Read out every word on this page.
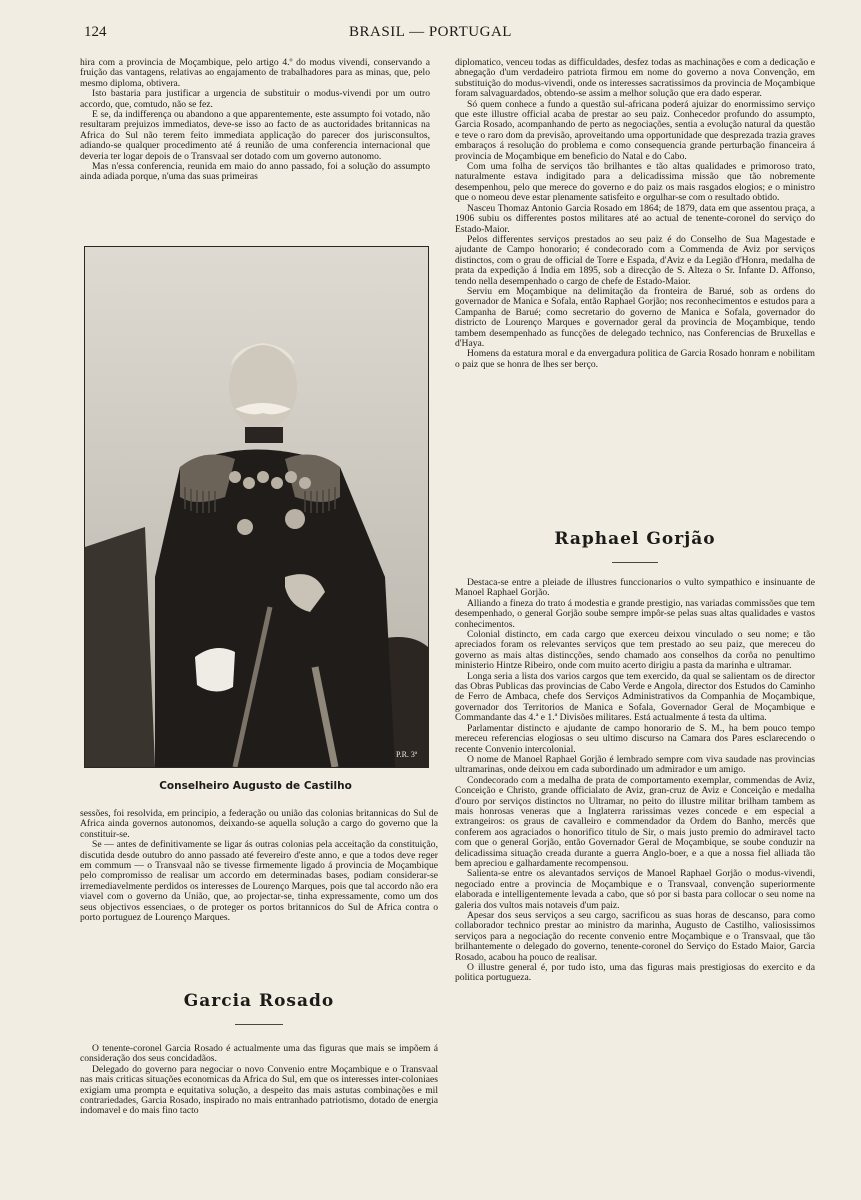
124	BRASIL — PORTUGAL

hira com a provincia de Moçambique, pelo artigo 4.º do modus vivendi, conservando a fruição das vantagens, relativas ao engajamento de trabalhadores para as minas, que, pelo mesmo diploma, obtivera.

Isto bastaria para justificar a urgencia de substituir o modus-vivendi por um outro accordo, que, comtudo, não se fez.

E se, da indifferença ou abandono a que apparentemente, este assumpto foi votado, não resultaram prejuizos immediatos, deve-se isso ao facto de as auctoridades britannicas na Africa do Sul não terem feito immediata applicação do parecer dos jurisconsultos, adiando-se qualquer procedimento até á reunião de uma conferencia internacional que deveria ter logar depois de o Transvaal ser dotado com um governo autonomo.

Mas n'essa conferencia, reunida em maio do anno passado, foi a solução do assumpto ainda adiada porque, n'uma das suas primeiras

P.R. 3ª
Conselheiro Augusto de Castilho

sessões, foi resolvida, em principio, a federação ou união das colonias britannicas do Sul de Africa ainda governos autonomos, deixando-se aquella solução a cargo do governo que la constituir-se.

Se — antes de definitivamente se ligar ás outras colonias pela acceitação da constituição, discutida desde outubro do anno passado até fevereiro d'este anno, e que a todos deve reger em commum — o Transvaal não se tivesse firmemente ligado á provincia de Moçambique pelo compromisso de realisar um accordo em determinadas bases, podiam considerar-se irremediavelmente perdidos os interesses de Lourenço Marques, pois que tal accordo não era viavel com o governo da União, que, ao projectar-se, tinha expressamente, como um dos seus objectivos essenciaes, o de proteger os portos britannicos do Sul de Africa contra o porto portuguez de Lourenço Marques.

Garcia Rosado

O tenente-coronel Garcia Rosado é actualmente uma das figuras que mais se impõem á consideração dos seus concidadãos.

Delegado do governo para negociar o novo Convenio entre Moçambique e o Transvaal nas mais criticas situações economicas da Africa do Sul, em que os interesses inter-coloniaes exigiam uma prompta e equitativa solução, a despeito das mais astutas combinações e mil contrariedades, Garcia Rosado, inspirado no mais entranhado patriotismo, dotado de energia indomavel e do mais fino tacto

diplomatico, venceu todas as difficuldades, desfez todas as machinações e com a dedicação e abnegação d'um verdadeiro patriota firmou em nome do governo a nova Convenção, em substituição do modus-vivendi, onde os interesses sacratissimos da provincia de Moçambique foram salvaguardados, obtendo-se assim a melhor solução que era dado esperar.

Só quem conhece a fundo a questão sul-africana poderá ajuizar do enormissimo serviço que este illustre official acaba de prestar ao seu paiz. Conhecedor profundo do assumpto, Garcia Rosado, acompanhando de perto as negociações, sentia a evolução natural da questão e teve o raro dom da previsão, aproveitando uma opportunidade que desprezada trazia graves embaraços á resolução do problema e como consequencia grande perturbação financeira á provincia de Moçambique em beneficio do Natal e do Cabo.

Com uma folha de serviços tão brilhantes e tão altas qualidades e primoroso trato, naturalmente estava indigitado para a delicadissima missão que tão nobremente desempenhou, pelo que merece do governo e do paiz os mais rasgados elogios; e o ministro que o nomeou deve estar plenamente satisfeito e orgulhar-se com o resultado obtido.

Nasceu Thomaz Antonio Garcia Rosado em 1864; de 1879, data em que assentou praça, a 1906 subiu os differentes postos militares até ao actual de tenente-coronel do serviço do Estado-Maior.

Pelos differentes serviços prestados ao seu paiz é do Conselho de Sua Magestade e ajudante de Campo honorario; é condecorado com a Commenda de Aviz por serviços distinctos, com o grau de official de Torre e Espada, d'Aviz e da Legião d'Honra, medalha de prata da expedição á India em 1895, sob a direcção de S. Alteza o Sr. Infante D. Affonso, tendo nella desempenhado o cargo de chefe de Estado-Maior.

Serviu em Moçambique na delimitação da fronteira de Barué, sob as ordens do governador de Manica e Sofala, então Raphael Gorjão; nos reconhecimentos e estudos para a Campanha de Barué; como secretario do governo de Manica e Sofala, governador do districto de Lourenço Marques e governador geral da provincia de Moçambique, tendo tambem desempenhado as funcções de delegado technico, nas Conferencias de Bruxellas e d'Haya.

Homens da estatura moral e da envergadura politica de Garcia Rosado honram e nobilitam o paiz que se honra de lhes ser berço.

Raphael Gorjão

Destaca-se entre a pleiade de illustres funccionarios o vulto sympathico e insinuante de Manoel Raphael Gorjão.

Alliando a fineza do trato á modestia e grande prestigio, nas variadas commissões que tem desempenhado, o general Gorjão soube sempre impôr-se pelas suas altas qualidades e vastos conhecimentos.

Colonial distincto, em cada cargo que exerceu deixou vinculado o seu nome; e tão apreciados foram os relevantes serviços que tem prestado ao seu paiz, que mereceu do governo as mais altas distincções, sendo chamado aos conselhos da corôa no penultimo ministerio Hintze Ribeiro, onde com muito acerto dirigiu a pasta da marinha e ultramar.

Longa seria a lista dos varios cargos que tem exercido, da qual se salientam os de director das Obras Publicas das provincias de Cabo Verde e Angola, director dos Estudos do Caminho de Ferro de Ambaca, chefe dos Serviços Administrativos da Companhia de Moçambique, governador dos Territorios de Manica e Sofala, Governador Geral de Moçambique e Commandante das 4.ª e 1.ª Divisões militares. Está actualmente á testa da ultima.

Parlamentar distincto e ajudante de campo honorario de S. M., ha bem pouco tempo mereceu referencias elogiosas o seu ultimo discurso na Camara dos Pares esclarecendo o recente Convenio intercolonial.

O nome de Manoel Raphael Gorjão é lembrado sempre com viva saudade nas provincias ultramarinas, onde deixou em cada subordinado um admirador e um amigo.

Condecorado com a medalha de prata de comportamento exemplar, commendas de Aviz, Conceição e Christo, grande officialato de Aviz, gran-cruz de Aviz e Conceição e medalha d'ouro por serviços distinctos no Ultramar, no peito do illustre militar brilham tambem as mais honrosas veneras que a Inglaterra rarissimas vezes concede e em especial a extrangeiros: os graus de cavalleiro e commendador da Ordem do Banho, mercês que conferem aos agraciados o honorifico titulo de Sir, o mais justo premio do admiravel tacto com que o general Gorjão, então Governador Geral de Moçambique, se soube conduzir na delicadissima situação creada durante a guerra Anglo-boer, e a que a nossa fiel alliada tão bem apreciou e galhardamente recompensou.

Salienta-se entre os alevantados serviços de Manoel Raphael Gorjão o modus-vivendi, negociado entre a provincia de Moçambique e o Transvaal, convenção superiormente elaborada e intelligentemente levada a cabo, que só por si basta para collocar o seu nome na galeria dos vultos mais notaveis d'um paiz.

Apesar dos seus serviços a seu cargo, sacrificou as suas horas de descanso, para como collaborador technico prestar ao ministro da marinha, Augusto de Castilho, valiosissimos serviços para a negociação do recente convenio entre Moçambique e o Transvaal, que tão brilhantemente o delegado do governo, tenente-coronel do Serviço do Estado Maior, Garcia Rosado, acabou ha pouco de realisar.

O illustre general é, por tudo isto, uma das figuras mais prestigiosas do exercito e da politica portugueza.
